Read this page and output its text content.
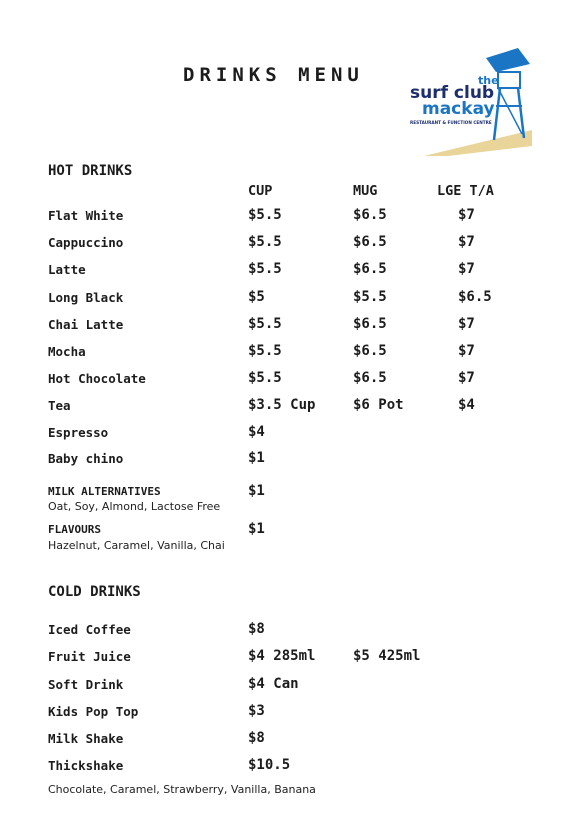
DRINKS MENU	the
surf club
mackay
RESTAURANT & FUNCTION CENTRE
HOT DRINKS
CUP	MUG	LGE T/A
Flat White	$5.5	$6.5	$7
Cappuccino	$5.5	$6.5	$7
Latte	$5.5	$6.5	$7
Long Black	$5	$5.5	$6.5
Chai Latte	$5.5	$6.5	$7
Mocha	$5.5	$6.5	$7
Hot Chocolate	$5.5	$6.5	$7
Tea	$3.5 Cup	$6 Pot	$4
Espresso	$4
Baby chino	$1
MILK ALTERNATIVES	$1
Oat, Soy, Almond, Lactose Free
FLAVOURS	$1
Hazelnut, Caramel, Vanilla, Chai
COLD DRINKS
Iced Coffee	$8
Fruit Juice	$4 285ml	$5 425ml
Soft Drink	$4 Can
Kids Pop Top	$3
Milk Shake	$8
Thickshake	$10.5
Chocolate, Caramel, Strawberry, Vanilla, Banana
